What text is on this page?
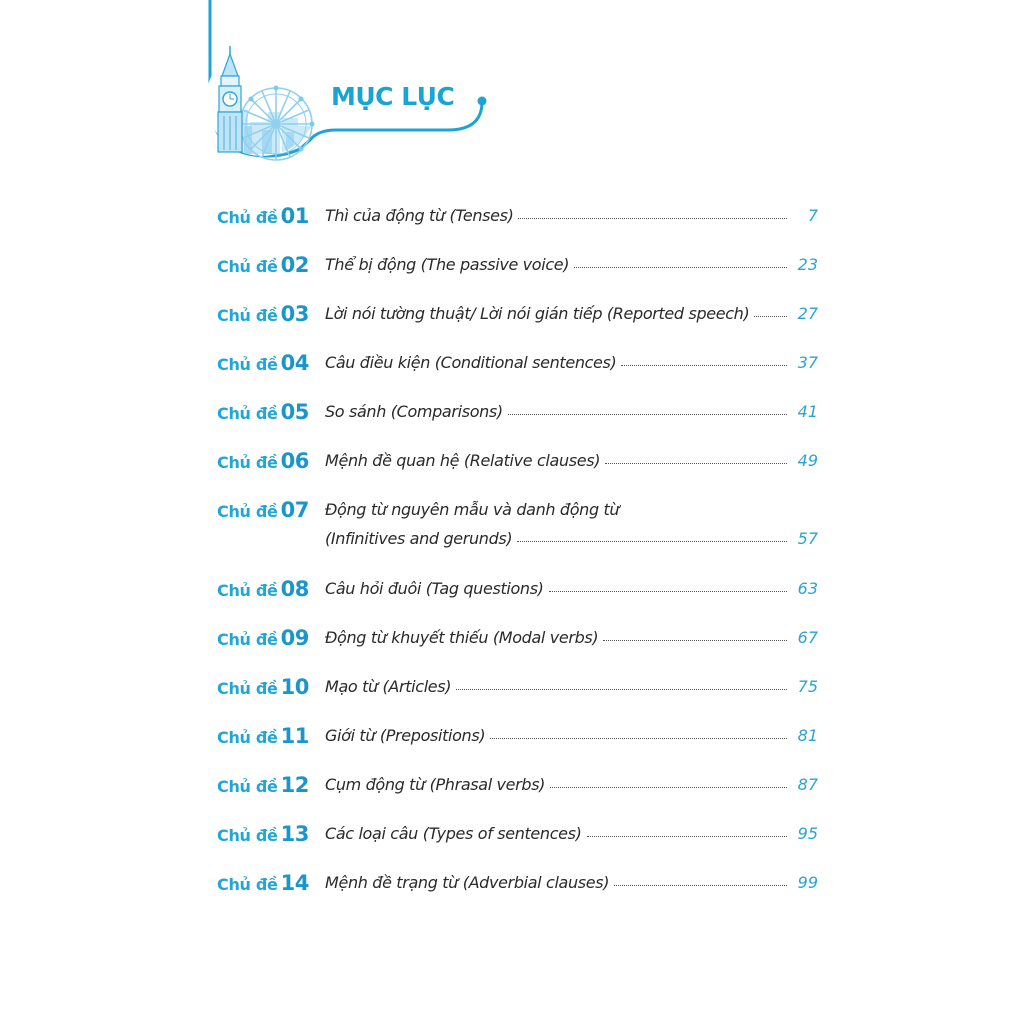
MỤC LỤC
Chủ đề 01 Thì của động từ (Tenses)	7
Chủ đề 02 Thể bị động (The passive voice)	23
Chủ đề 03 Lời nói tường thuật/ Lời nói gián tiếp (Reported speech)	27
Chủ đề 04 Câu điều kiện (Conditional sentences)	37
Chủ đề 05 So sánh (Comparisons)	41
Chủ đề 06 Mệnh đề quan hệ (Relative clauses)	49
Chủ đề 07 Động từ nguyên mẫu và danh động từ
(Infinitives and gerunds)	57
Chủ đề 08 Câu hỏi đuôi (Tag questions)	63
Chủ đề 09 Động từ khuyết thiếu (Modal verbs)	67
Chủ đề 10 Mạo từ (Articles)	75
Chủ đề 11 Giới từ (Prepositions)	81
Chủ đề 12 Cụm động từ (Phrasal verbs)	87
Chủ đề 13 Các loại câu (Types of sentences)	95
Chủ đề 14 Mệnh đề trạng từ (Adverbial clauses)	99
